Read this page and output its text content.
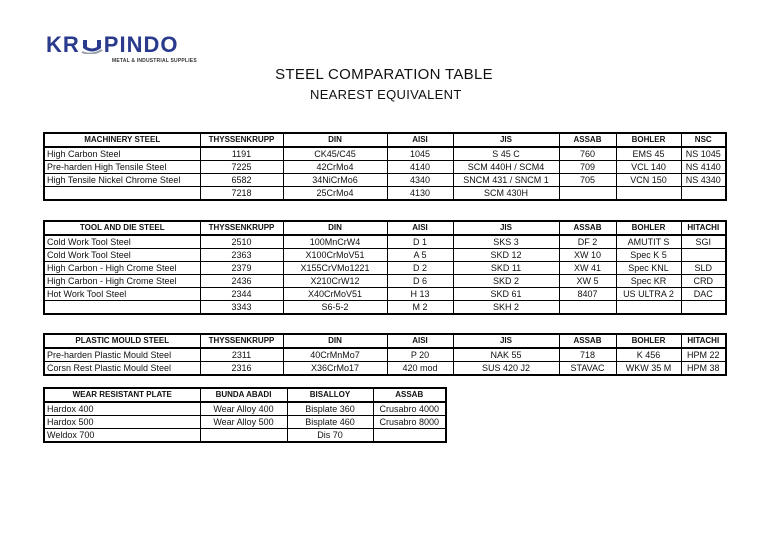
KR PINDO
METAL & INDUSTRIAL SUPPLIES
STEEL COMPARATION TABLE
NEAREST EQUIVALENT
MACHINERY STEEL	THYSSENKRUPP	DIN	AISI	JIS	ASSAB	BOHLER	NSC
High Carbon Steel	1191	CK45/C45	1045	S 45 C	760	EMS 45	NS 1045
Pre-harden High Tensile Steel	7225	42CrMo4	4140	SCM 440H / SCM4	709	VCL 140	NS 4140
High Tensile Nickel Chrome Steel	6582	34NiCrMo6	4340	SNCM 431 / SNCM 1	705	VCN 150	NS 4340
	7218	25CrMo4	4130	SCM 430H			
TOOL AND DIE STEEL	THYSSENKRUPP	DIN	AISI	JIS	ASSAB	BOHLER	HITACHI
Cold Work Tool Steel	2510	100MnCrW4	D 1	SKS 3	DF 2	AMUTIT S	SGI
Cold Work Tool Steel	2363	X100CrMoV51	A 5	SKD 12	XW 10	Spec K 5	
High Carbon - High Crome Steel	2379	X155CrVMo1221	D 2	SKD 11	XW 41	Spec KNL	SLD
High Carbon - High Crome Steel	2436	X210CrW12	D 6	SKD 2	XW 5	Spec KR	CRD
Hot Work Tool Steel	2344	X40CrMoV51	H 13	SKD 61	8407	US ULTRA 2	DAC
	3343	S6-5-2	M 2	SKH 2			
PLASTIC MOULD STEEL	THYSSENKRUPP	DIN	AISI	JIS	ASSAB	BOHLER	HITACHI
Pre-harden Plastic Mould Steel	2311	40CrMnMo7	P 20	NAK 55	718	K 456	HPM 22
Corsn Rest Plastic Mould Steel	2316	X36CrMo17	420 mod	SUS 420 J2	STAVAC	WKW 35 M	HPM 38
WEAR RESISTANT PLATE	BUNDA ABADI	BISALLOY	ASSAB
Hardox 400	Wear Alloy 400	Bisplate 360	Crusabro 4000
Hardox 500	Wear Alloy 500	Bisplate 460	Crusabro 8000
Weldox 700		Dis 70	
